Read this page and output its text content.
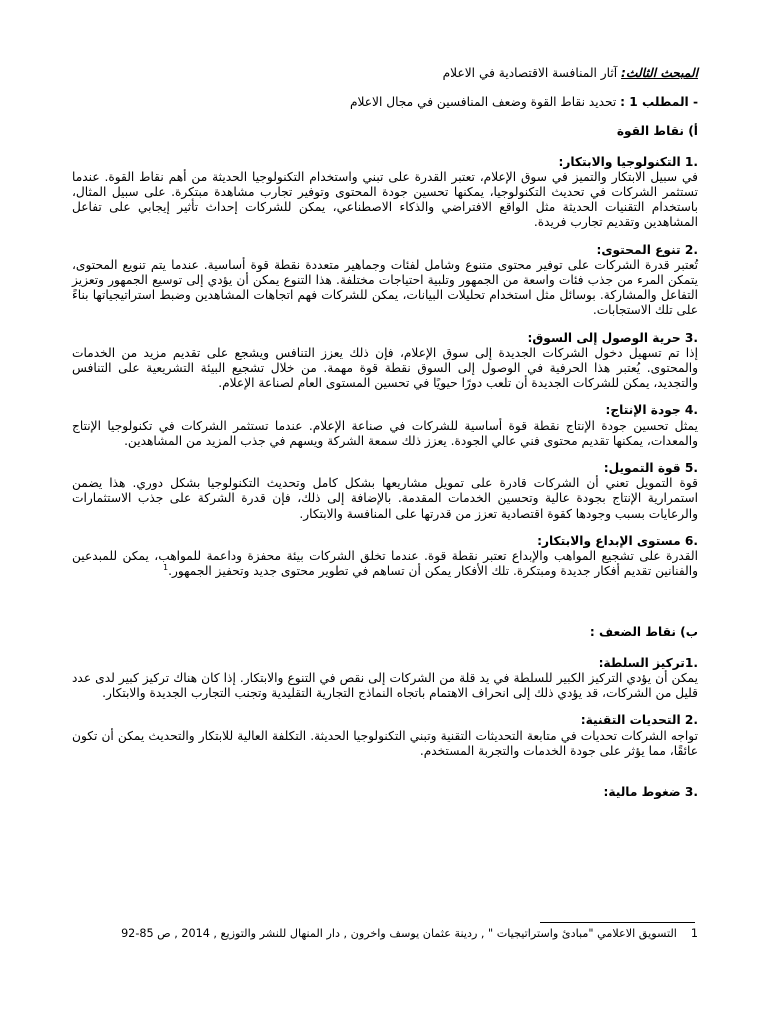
المبحث الثالث: آثار المنافسة الاقتصادية في الاعلام
- المطلب 1 : تحديد نقاط القوة وضعف المنافسين في مجال الاعلام
أ) نقاط القوة
.1 التكنولوجيا والابتكار:
في سبيل الابتكار والتميز في سوق الإعلام، تعتبر القدرة على تبني واستخدام التكنولوجيا الحديثة من أهم نقاط القوة. عندما تستثمر الشركات في تحديث التكنولوجيا، يمكنها تحسين جودة المحتوى وتوفير تجارب مشاهدة مبتكرة. على سبيل المثال، باستخدام التقنيات الحديثة مثل الواقع الافتراضي والذكاء الاصطناعي، يمكن للشركات إحداث تأثير إيجابي على تفاعل المشاهدين وتقديم تجارب فريدة.
.2 تنوع المحتوى:
تُعتبر قدرة الشركات على توفير محتوى متنوع وشامل لفئات وجماهير متعددة نقطة قوة أساسية. عندما يتم تنويع المحتوى، يتمكن المرء من جذب فئات واسعة من الجمهور وتلبية احتياجات مختلفة. هذا التنوع يمكن أن يؤدي إلى توسيع الجمهور وتعزيز التفاعل والمشاركة. بوسائل مثل استخدام تحليلات البيانات، يمكن للشركات فهم اتجاهات المشاهدين وضبط استراتيجياتها بناءً على تلك الاستجابات.
.3 حرية الوصول إلى السوق:
إذا تم تسهيل دخول الشركات الجديدة إلى سوق الإعلام، فإن ذلك يعزز التنافس ويشجع على تقديم مزيد من الخدمات والمحتوى. يُعتبر هذا الحرفية في الوصول إلى السوق نقطة قوة مهمة. من خلال تشجيع البيئة التشريعية على التنافس والتجديد، يمكن للشركات الجديدة أن تلعب دورًا حيويًا في تحسين المستوى العام لصناعة الإعلام.
.4 جودة الإنتاج:
يمثل تحسين جودة الإنتاج نقطة قوة أساسية للشركات في صناعة الإعلام. عندما تستثمر الشركات في تكنولوجيا الإنتاج والمعدات، يمكنها تقديم محتوى فني عالي الجودة. يعزز ذلك سمعة الشركة ويسهم في جذب المزيد من المشاهدين.
.5 قوة التمويل:
قوة التمويل تعني أن الشركات قادرة على تمويل مشاريعها بشكل كامل وتحديث التكنولوجيا بشكل دوري. هذا يضمن استمرارية الإنتاج بجودة عالية وتحسين الخدمات المقدمة. بالإضافة إلى ذلك، فإن قدرة الشركة على جذب الاستثمارات والرعايات بسبب وجودها كقوة اقتصادية تعزز من قدرتها على المنافسة والابتكار.
.6 مستوى الإبداع والابتكار:
القدرة على تشجيع المواهب والإبداع تعتبر نقطة قوة. عندما تخلق الشركات بيئة محفزة وداعمة للمواهب، يمكن للمبدعين والفنانين تقديم أفكار جديدة ومبتكرة. تلك الأفكار يمكن أن تساهم في تطوير محتوى جديد وتحفيز الجمهور.$^1$
ب) نقاط الضعف :
.1تركيز السلطة:
يمكن أن يؤدي التركيز الكبير للسلطة في يد قلة من الشركات إلى نقص في التنوع والابتكار. إذا كان هناك تركيز كبير لدى عدد قليل من الشركات، قد يؤدي ذلك إلى انحراف الاهتمام باتجاه النماذج التجارية التقليدية وتجنب التجارب الجديدة والابتكار.
.2 التحديات التقنية:
تواجه الشركات تحديات في متابعة التحديثات التقنية وتبني التكنولوجيا الحديثة. التكلفة العالية للابتكار والتحديث يمكن أن تكون عائقًا، مما يؤثر على جودة الخدمات والتجربة المستخدم.
.3 ضغوط مالية:
1التسويق الاعلامي "مبادئ واستراتيجيات " , ردينة عثمان يوسف واخرون , دار المنهال للنشر والتوزيع , 2014 , ص 85-92
